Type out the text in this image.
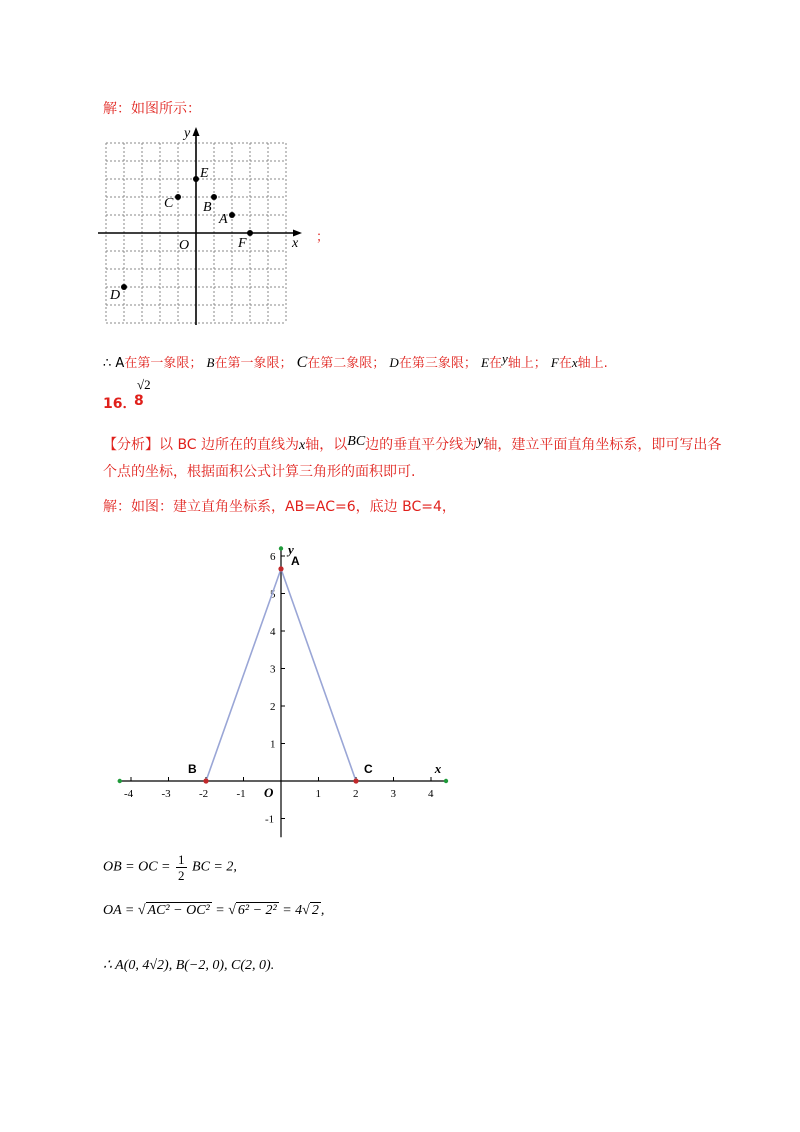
解：如图所示：
x
y
O
A
B
C
D
E
F	；
∴ A在第一象限； B在第一象限； C在第二象限； D在第三象限； E在y轴上； F在x轴上.
16．
8
√2
【分析】以 BC 边所在的直线为x轴，以BC边的垂直平分线为y轴，建立平面直角坐标系，即可写出各个点的坐标，根据面积公式计算三角形的面积即可.
解：如图：建立直角坐标系，AB=AC=6，底边 BC=4，
x
y
O
-4	-3	-2	-1	1	2	3	4
-1
1
2
3
4
5
6 A
B	C
OB = OC = $\frac{1}{2}$ BC = 2,
OA = √ AC² − OC² = √ 6² − 2² = 4√ 2 ,
∴ A(0, 4√2), B(−2, 0), C(2, 0).
